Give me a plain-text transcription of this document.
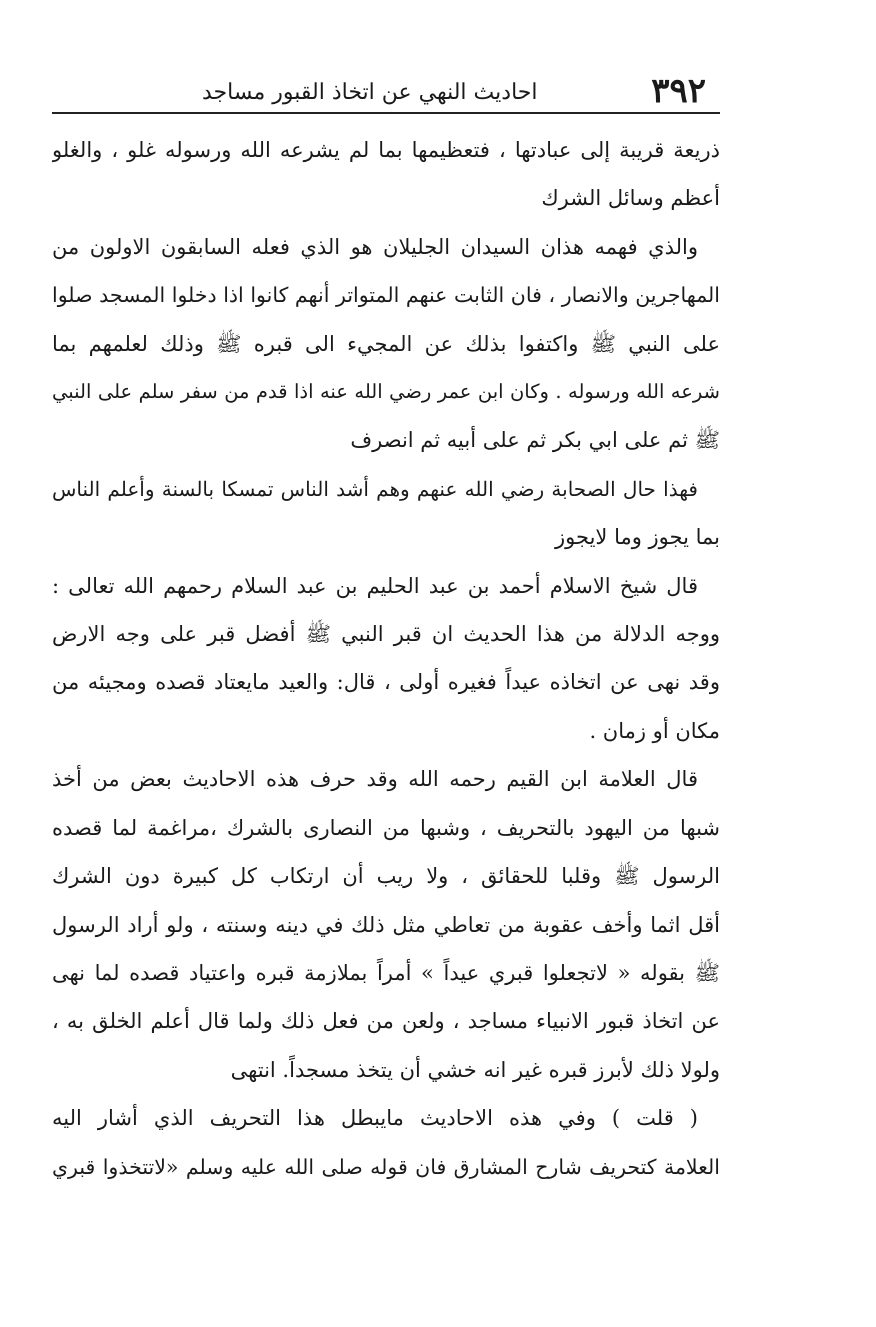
٣٩٢
احاديث النهي عن اتخاذ القبور مساجد

ذريعة قريبة إلى عبادتها ، فتعظيمها بما لم يشرعه الله ورسوله غلو ، والغلو
أعظم وسائل الشرك

والذي فهمه هذان السيدان الجليلان هو الذي فعله السابقون الاولون من
المهاجرين والانصار ، فان الثابت عنهم المتواتر أنهم كانوا اذا دخلوا المسجد صلوا
على النبي ﷺ واكتفوا بذلك عن المجيء الى قبره ﷺ وذلك لعلمهم بما
شرعه الله ورسوله . وكان ابن عمر رضي الله عنه اذا قدم من سفر سلم على النبي
ﷺ ثم على ابي بكر ثم على أبيه ثم انصرف

فهذا حال الصحابة رضي الله عنهم وهم أشد الناس تمسكا بالسنة وأعلم الناس
بما يجوز وما لايجوز

قال شيخ الاسلام أحمد بن عبد الحليم بن عبد السلام رحمهم الله تعالى :
ووجه الدلالة من هذا الحديث ان قبر النبي ﷺ أفضل قبر على وجه الارض
وقد نهى عن اتخاذه عيداً فغيره أولى ، قال: والعيد مايعتاد قصده ومجيئه من
مكان أو زمان .

قال العلامة ابن القيم رحمه الله وقد حرف هذه الاحاديث بعض من أخذ
شبها من اليهود بالتحريف ، وشبها من النصارى بالشرك ،مراغمة لما قصده
الرسول ﷺ وقلبا للحقائق ، ولا ريب أن ارتكاب كل كبيرة دون الشرك
أقل اثما وأخف عقوبة من تعاطي مثل ذلك في دينه وسنته ، ولو أراد الرسول
ﷺ بقوله « لاتجعلوا قبري عيداً » أمراً بملازمة قبره واعتياد قصده لما نهى
عن اتخاذ قبور الانبياء مساجد ، ولعن من فعل ذلك ولما قال أعلم الخلق به ،
ولولا ذلك لأبرز قبره غير انه خشي أن يتخذ مسجداً. انتهى

( قلت ) وفي هذه الاحاديث مايبطل هذا التحريف الذي أشار اليه
العلامة كتحريف شارح المشارق فان قوله صلى الله عليه وسلم «لاتتخذوا قبري
